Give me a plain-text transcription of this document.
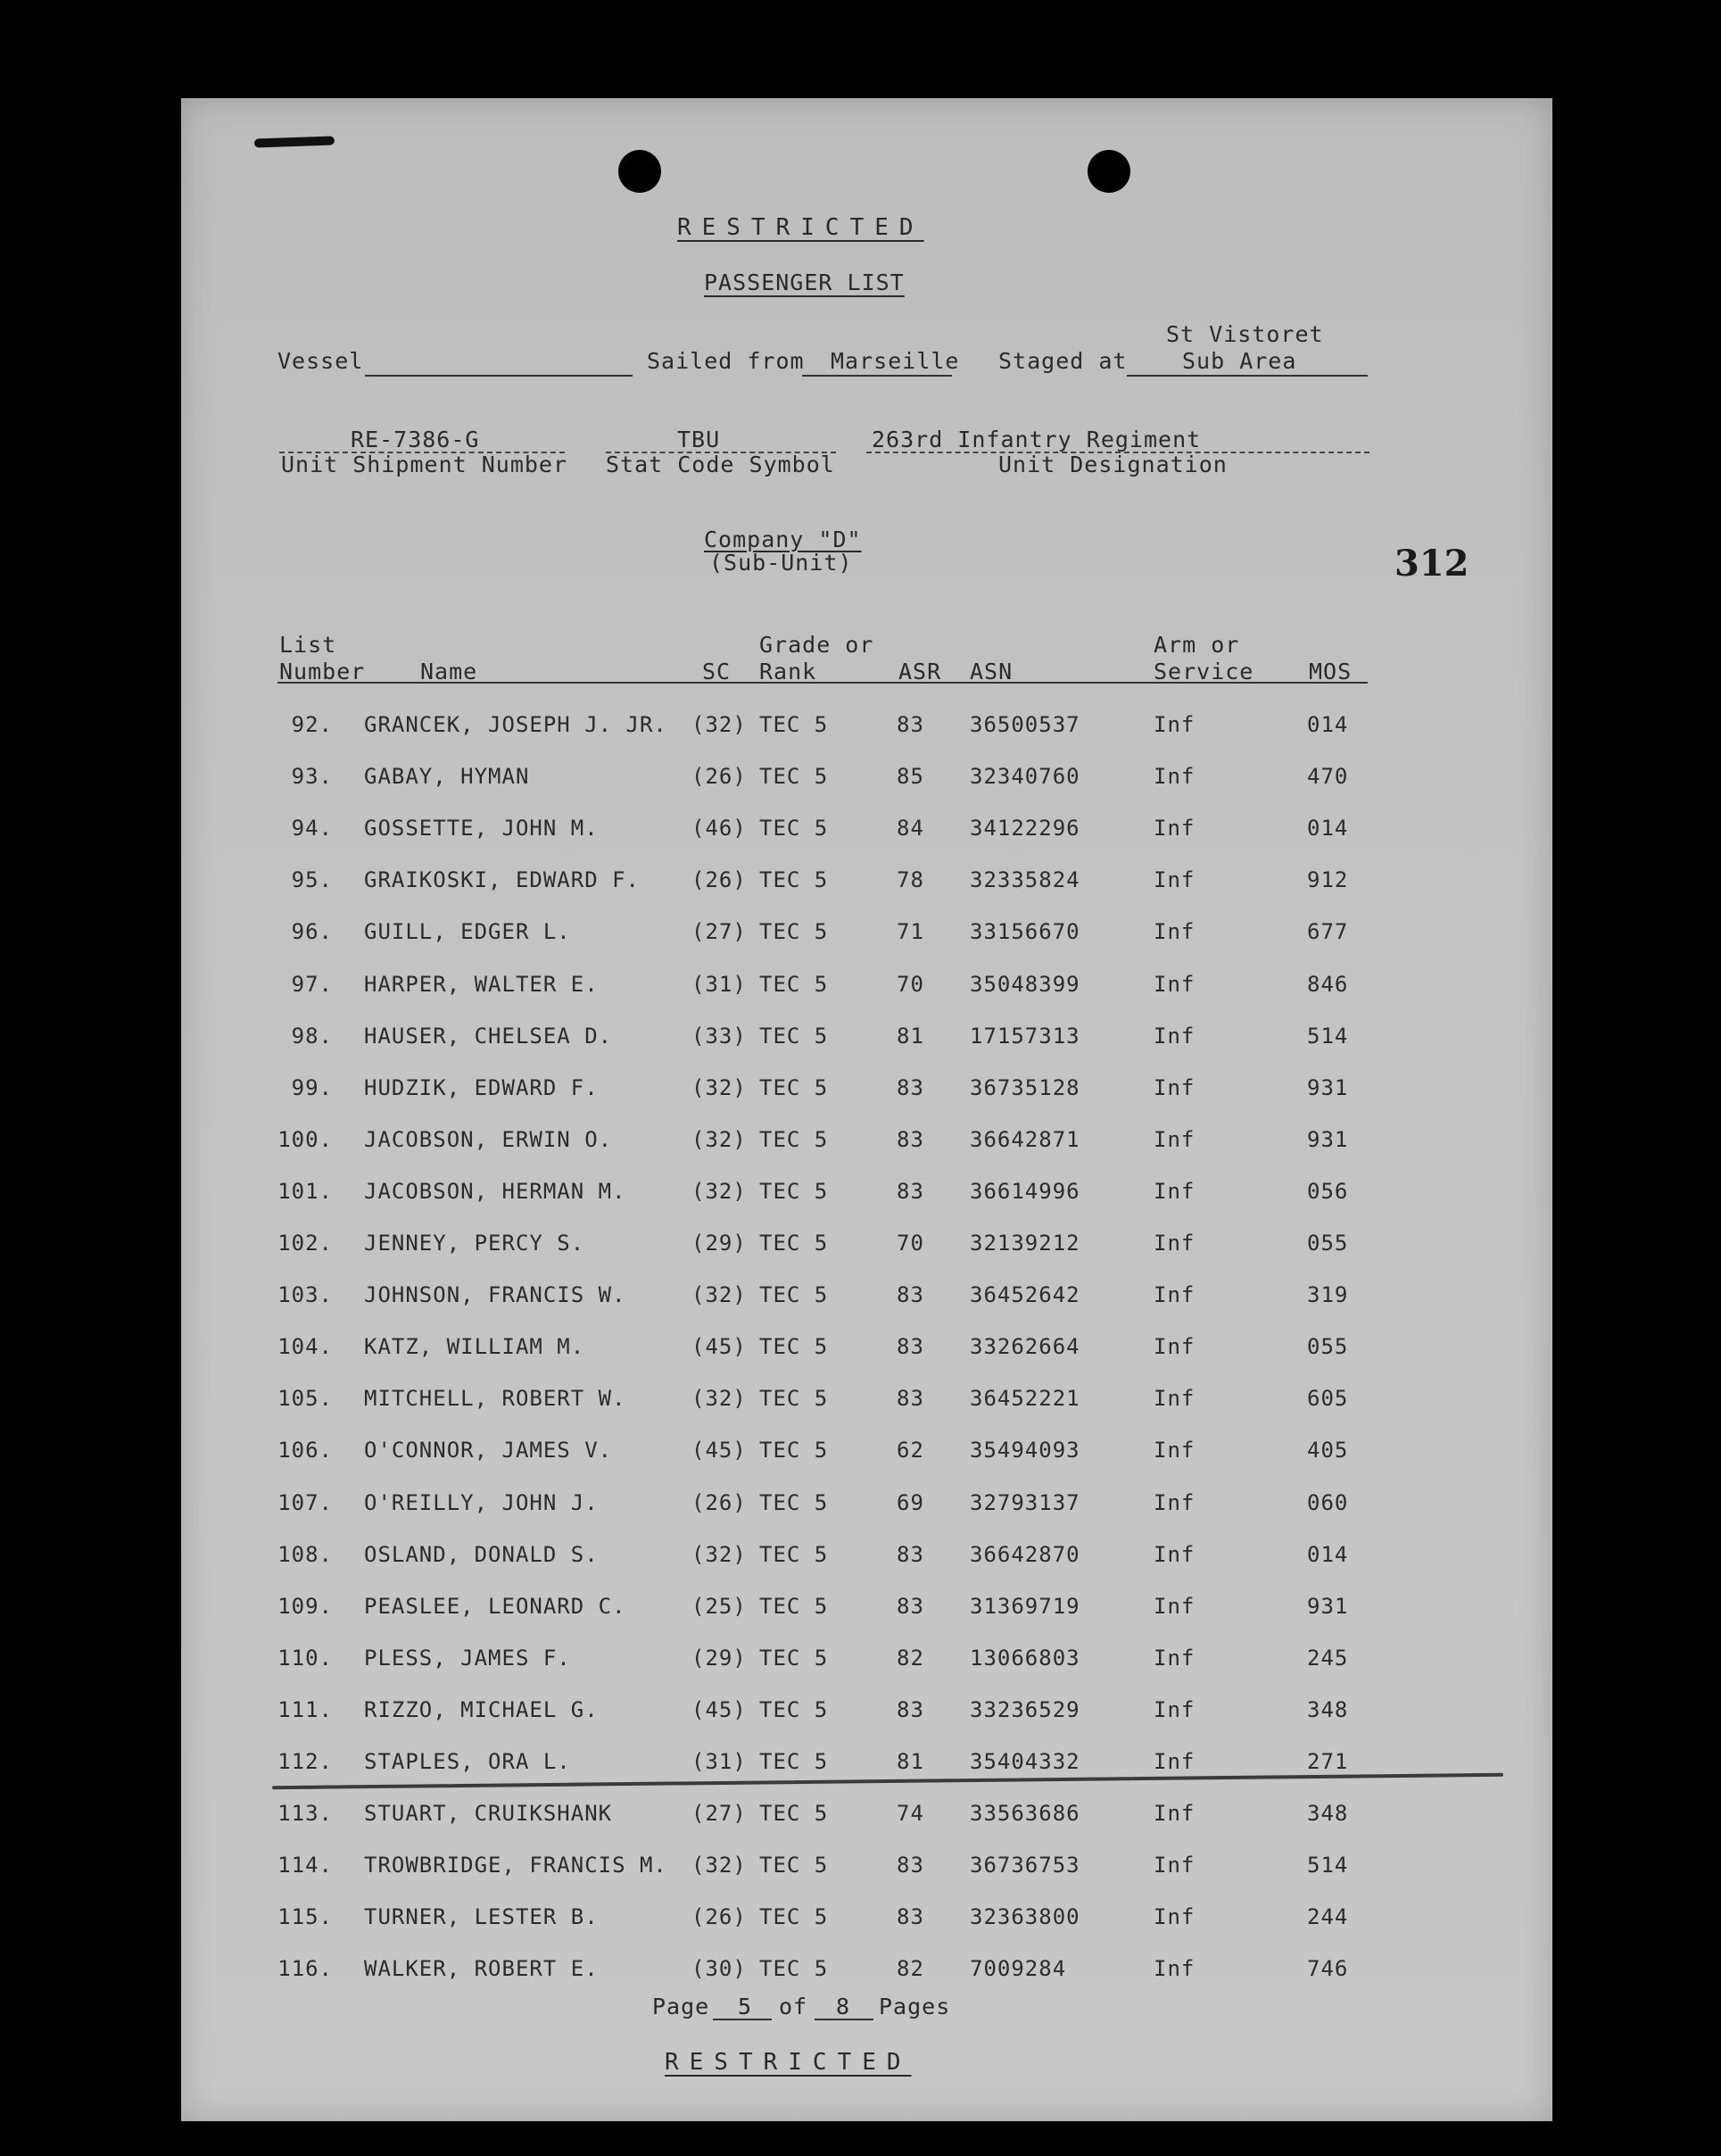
RESTRICTED
PASSENGER LIST
Vessel	Sailed from Marseille Staged at
St Vistoret
Sub Area
RE-7386-G
Unit Shipment Number
TBU
Stat Code Symbol
263rd Infantry Regiment
Unit Designation
Company "D"
(Sub-Unit)	312
List
Number Name	SC
Grade or
Rank	ASR ASN
Arm or
Service MOS
92. GRANCEK, JOSEPH J. JR. (32) TEC 5	83 36500537	Inf	014
93. GABAY, HYMAN	(26) TEC 5	85 32340760	Inf	470
94. GOSSETTE, JOHN M.	(46) TEC 5	84 34122296	Inf	014
95. GRAIKOSKI, EDWARD F. (26) TEC 5	78 32335824	Inf	912
96. GUILL, EDGER L.	(27) TEC 5	71 33156670	Inf	677
97. HARPER, WALTER E.	(31) TEC 5	70 35048399	Inf	846
98. HAUSER, CHELSEA D.	(33) TEC 5	81 17157313	Inf	514
99. HUDZIK, EDWARD F.	(32) TEC 5	83 36735128	Inf	931
100. JACOBSON, ERWIN O.	(32) TEC 5	83 36642871	Inf	931
101. JACOBSON, HERMAN M.	(32) TEC 5	83 36614996	Inf	056
102. JENNEY, PERCY S.	(29) TEC 5	70 32139212	Inf	055
103. JOHNSON, FRANCIS W.	(32) TEC 5	83 36452642	Inf	319
104. KATZ, WILLIAM M.	(45) TEC 5	83 33262664	Inf	055
105. MITCHELL, ROBERT W.	(32) TEC 5	83 36452221	Inf	605
106. O'CONNOR, JAMES V.	(45) TEC 5	62 35494093	Inf	405
107. O'REILLY, JOHN J.	(26) TEC 5	69 32793137	Inf	060
108. OSLAND, DONALD S.	(32) TEC 5	83 36642870	Inf	014
109. PEASLEE, LEONARD C.	(25) TEC 5	83 31369719	Inf	931
110. PLESS, JAMES F.	(29) TEC 5	82 13066803	Inf	245
111. RIZZO, MICHAEL G.	(45) TEC 5	83 33236529	Inf	348
112. STAPLES, ORA L.	(31) TEC 5	81 35404332	Inf	271
113. STUART, CRUIKSHANK	(27) TEC 5	74 33563686	Inf	348
114. TROWBRIDGE, FRANCIS M. (32) TEC 5	83 36736753	Inf	514
115. TURNER, LESTER B.	(26) TEC 5	83 32363800	Inf	244
116. WALKER, ROBERT E.	(30) TEC 5	82 7009284	Inf	746
Page 5 of 8 Pages
RESTRICTED
